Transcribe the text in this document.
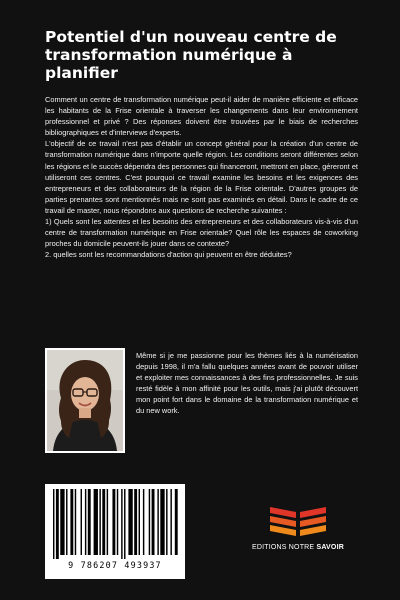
Potentiel d'un nouveau centre de transformation numérique à planifier

Comment un centre de transformation numérique peut-il aider de manière efficiente et efficace les habitants de la Frise orientale à traverser les changements dans leur environnement professionnel et privé ? Des réponses doivent être trouvées par le biais de recherches bibliographiques et d'interviews d'experts.

L'objectif de ce travail n'est pas d'établir un concept général pour la création d'un centre de transformation numérique dans n'importe quelle région. Les conditions seront différentes selon les régions et le succès dépendra des personnes qui financeront, mettront en place, géreront et utiliseront ces centres. C'est pourquoi ce travail examine les besoins et les exigences des entrepreneurs et des collaborateurs de la région de la Frise orientale. D'autres groupes de parties prenantes sont mentionnés mais ne sont pas examinés en détail. Dans le cadre de ce travail de master, nous répondons aux questions de recherche suivantes :

1) Quels sont les attentes et les besoins des entrepreneurs et des collaborateurs vis-à-vis d'un centre de transformation numérique en Frise orientale? Quel rôle les espaces de coworking proches du domicile peuvent-ils jouer dans ce contexte?

2. quelles sont les recommandations d'action qui peuvent en être déduites?

Même si je me passionne pour les thèmes liés à la numérisation depuis 1998, il m'a fallu quelques années avant de pouvoir utiliser et exploiter mes connaissances à des fins professionnelles. Je suis resté fidèle à mon affinité pour les outils, mais j'ai plutôt découvert mon point fort dans le domaine de la transformation numérique et du new work.

9 786207 493937
EDITIONS NOTRE SAVOIR
